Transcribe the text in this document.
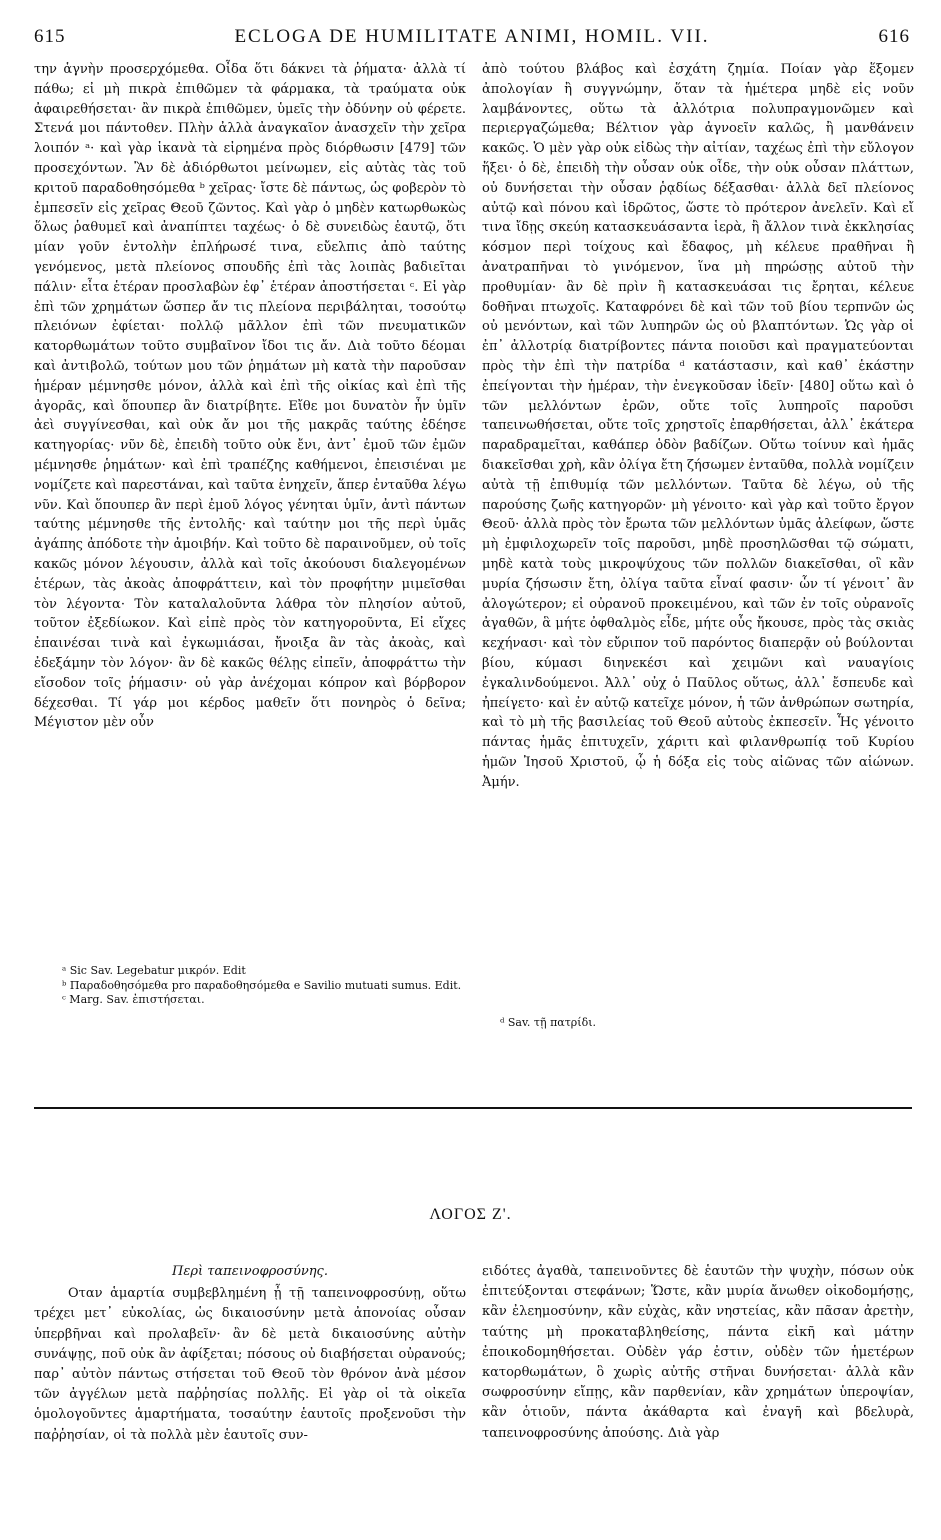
615	ECLOGA DE HUMILITATE ANIMI, HOMIL. VII.	616

την ἁγνὴν προσερχόμεθα. Οἶδα ὅτι δάκνει τὰ ῥήματα· ἀλλὰ τί πάθω; εἰ μὴ πικρὰ ἐπιθῶμεν τὰ φάρμακα, τὰ τραύματα οὐκ ἀφαιρεθήσεται· ἂν πικρὰ ἐπιθῶμεν, ὑμεῖς τὴν ὀδύνην οὐ φέρετε. Στενά μοι πάντοθεν. Πλὴν ἀλλὰ ἀναγκαῖον ἀνασχεῖν τὴν χεῖρα λοιπόν ᵃ· καὶ γὰρ ἱκανὰ τὰ εἰρημένα πρὸς διόρθωσιν [479] τῶν προσεχόντων. Ἂν δὲ ἀδιόρθωτοι μείνωμεν, εἰς αὐτὰς τὰς τοῦ κριτοῦ παραδοθησόμεθα ᵇ χεῖρας· ἴστε δὲ πάντως, ὡς φοβερὸν τὸ ἐμπεσεῖν εἰς χεῖρας Θεοῦ ζῶντος. Καὶ γὰρ ὁ μηδὲν κατωρθωκὼς ὅλως ῥαθυμεῖ καὶ ἀναπίπτει ταχέως· ὁ δὲ συνειδὼς ἑαυτῷ, ὅτι μίαν γοῦν ἐντολὴν ἐπλήρωσέ τινα, εὔελπις ἀπὸ ταύτης γενόμενος, μετὰ πλείονος σπουδῆς ἐπὶ τὰς λοιπὰς βαδιεῖται πάλιν· εἶτα ἑτέραν προσλαβὼν ἐφ᾽ ἑτέραν ἀποστήσεται ᶜ. Εἰ γὰρ ἐπὶ τῶν χρημάτων ὥσπερ ἄν τις πλείονα περιβάληται, τοσούτῳ πλειόνων ἐφίεται· πολλῷ μᾶλλον ἐπὶ τῶν πνευματικῶν κατορθωμάτων τοῦτο συμβαῖνον ἴδοι τις ἄν. Διὰ τοῦτο δέομαι καὶ ἀντιβολῶ, τούτων μου τῶν ῥημάτων μὴ κατὰ τὴν παροῦσαν ἡμέραν μέμνησθε μόνον, ἀλλὰ καὶ ἐπὶ τῆς οἰκίας καὶ ἐπὶ τῆς ἀγορᾶς, καὶ ὅπουπερ ἂν διατρίβητε. Εἴθε μοι δυνατὸν ἦν ὑμῖν ἀεὶ συγγίνεσθαι, καὶ οὐκ ἄν μοι τῆς μακρᾶς ταύτης ἐδέησε κατηγορίας· νῦν δὲ, ἐπειδὴ τοῦτο οὐκ ἔνι, ἀντ᾽ ἐμοῦ τῶν ἐμῶν μέμνησθε ῥημάτων· καὶ ἐπὶ τραπέζης καθήμενοι, ἐπεισιέναι με νομίζετε καὶ παρεστάναι, καὶ ταῦτα ἐνηχεῖν, ἅπερ ἐνταῦθα λέγω νῦν. Καὶ ὅπουπερ ἂν περὶ ἐμοῦ λόγος γένηται ὑμῖν, ἀντὶ πάντων ταύτης μέμνησθε τῆς ἐντολῆς· καὶ ταύτην μοι τῆς περὶ ὑμᾶς ἀγάπης ἀπόδοτε τὴν ἀμοιβήν. Καὶ τοῦτο δὲ παραινοῦμεν, οὐ τοῖς κακῶς μόνον λέγουσιν, ἀλλὰ καὶ τοῖς ἀκούουσι διαλεγομένων ἑτέρων, τὰς ἀκοὰς ἀποφράττειν, καὶ τὸν προφήτην μιμεῖσθαι τὸν λέγοντα· Τὸν καταλαλοῦντα λάθρα τὸν πλησίον αὐτοῦ, τοῦτον ἐξεδίωκον. Καὶ εἰπὲ πρὸς τὸν κατηγοροῦντα, Εἰ εἴχες ἐπαινέσαι τινὰ καὶ ἐγκωμιάσαι, ἤνοιξα ἂν τὰς ἀκοὰς, καὶ ἐδεξάμην τὸν λόγον· ἂν δὲ κακῶς θέλῃς εἰπεῖν, ἀποφράττω τὴν εἴσοδον τοῖς ῥήμασιν· οὐ γὰρ ἀνέχομαι κόπρον καὶ βόρβορον δέχεσθαι. Τί γάρ μοι κέρδος μαθεῖν ὅτι πονηρὸς ὁ δεῖνα; Μέγιστον μὲν οὖν

ἀπὸ τούτου βλάβος καὶ ἐσχάτη ζημία. Ποίαν γὰρ ἕξομεν ἀπολογίαν ἢ συγγνώμην, ὅταν τὰ ἡμέτερα μηδὲ εἰς νοῦν λαμβάνοντες, οὕτω τὰ ἀλλότρια πολυπραγμονῶμεν καὶ περιεργαζώμεθα; Βέλτιον γὰρ ἀγνοεῖν καλῶς, ἢ μανθάνειν κακῶς. Ὁ μὲν γὰρ οὐκ εἰδὼς τὴν αἰτίαν, ταχέως ἐπὶ τὴν εὔλογον ἥξει· ὁ δὲ, ἐπειδὴ τὴν οὖσαν οὐκ οἶδε, τὴν οὐκ οὖσαν πλάττων, οὐ δυνήσεται τὴν οὖσαν ῥᾳδίως δέξασθαι· ἀλλὰ δεῖ πλείονος αὐτῷ καὶ πόνου καὶ ἱδρῶτος, ὥστε τὸ πρότερον ἀνελεῖν. Καὶ εἴ τινα ἴδῃς σκεύη κατασκευάσαντα ἱερὰ, ἢ ἄλλον τινὰ ἐκκλησίας κόσμον περὶ τοίχους καὶ ἔδαφος, μὴ κέλευε πραθῆναι ἢ ἀνατραπῆναι τὸ γινόμενον, ἵνα μὴ πηρώσῃς αὐτοῦ τὴν προθυμίαν· ἂν δὲ πρὶν ἢ κατασκευάσαι τις ἔρηται, κέλευε δοθῆναι πτωχοῖς. Καταφρόνει δὲ καὶ τῶν τοῦ βίου τερπνῶν ὡς οὐ μενόντων, καὶ τῶν λυπηρῶν ὡς οὐ βλαπτόντων. Ὡς γὰρ οἱ ἐπ᾽ ἀλλοτρίᾳ διατρίβοντες πάντα ποιοῦσι καὶ πραγματεύονται πρὸς τὴν ἐπὶ τὴν πατρίδα ᵈ κατάστασιν, καὶ καθ᾽ ἑκάστην ἐπείγονται τὴν ἡμέραν, τὴν ἐνεγκοῦσαν ἰδεῖν· [480] οὕτω καὶ ὁ τῶν μελλόντων ἐρῶν, οὔτε τοῖς λυπηροῖς παροῦσι ταπεινωθήσεται, οὔτε τοῖς χρηστοῖς ἐπαρθήσεται, ἀλλ᾽ ἑκάτερα παραδραμεῖται, καθάπερ ὁδὸν βαδίζων. Οὕτω τοίνυν καὶ ἡμᾶς διακεῖσθαι χρὴ, κἂν ὀλίγα ἔτη ζήσωμεν ἐνταῦθα, πολλὰ νομίζειν αὐτὰ τῇ ἐπιθυμίᾳ τῶν μελλόντων. Ταῦτα δὲ λέγω, οὐ τῆς παρούσης ζωῆς κατηγορῶν· μὴ γένοιτο· καὶ γὰρ καὶ τοῦτο ἔργον Θεοῦ· ἀλλὰ πρὸς τὸν ἔρωτα τῶν μελλόντων ὑμᾶς ἀλείφων, ὥστε μὴ ἐμφιλοχωρεῖν τοῖς παροῦσι, μηδὲ προσηλῶσθαι τῷ σώματι, μηδὲ κατὰ τοὺς μικροψύχους τῶν πολλῶν διακεῖσθαι, οἳ κἂν μυρία ζήσωσιν ἔτη, ὀλίγα ταῦτα εἶναί φασιν· ὧν τί γένοιτ᾽ ἂν ἀλογώτερον; εἰ οὐρανοῦ προκειμένου, καὶ τῶν ἐν τοῖς οὐρανοῖς ἀγαθῶν, ἃ μήτε ὀφθαλμὸς εἶδε, μήτε οὖς ἤκουσε, πρὸς τὰς σκιὰς κεχήνασι· καὶ τὸν εὔριπον τοῦ παρόντος διαπερᾷν οὐ βούλονται βίου, κύμασι διηνεκέσι καὶ χειμῶνι καὶ ναυαγίοις ἐγκαλινδούμενοι. Ἀλλ᾽ οὐχ ὁ Παῦλος οὕτως, ἀλλ᾽ ἔσπευδε καὶ ἠπείγετο· καὶ ἐν αὐτῷ κατεῖχε μόνον, ἡ τῶν ἀνθρώπων σωτηρία, καὶ τὸ μὴ τῆς βασιλείας τοῦ Θεοῦ αὐτοὺς ἐκπεσεῖν. Ἧς γένοιτο πάντας ἡμᾶς ἐπιτυχεῖν, χάριτι καὶ φιλανθρωπίᾳ τοῦ Κυρίου ἡμῶν Ἰησοῦ Χριστοῦ, ᾧ ἡ δόξα εἰς τοὺς αἰῶνας τῶν αἰώνων. Ἀμήν.

ᵃ Sic Sav. Legebatur μικρόν. Edit

ᵇ Παραδοθησόμεθα pro παραδοθησόμεθα e Savilio mutuati sumus. Edit.

ᶜ Marg. Sav. ἐπιστήσεται.

ᵈ Sav. τῇ πατρίδι.

ΛΟΓΟΣ Ζ'.

Περὶ ταπεινοφροσύνης.

Οταν ἁμαρτία συμβεβλημένη ᾖ τῇ ταπεινοφροσύνῃ, οὕτω τρέχει μετ᾽ εὐκολίας, ὡς δικαιοσύνην μετὰ ἀπονοίας οὖσαν ὑπερβῆναι καὶ προλαβεῖν· ἂν δὲ μετὰ δικαιοσύνης αὐτὴν συνάψῃς, ποῦ οὐκ ἂν ἀφίξεται; πόσους οὐ διαβήσεται οὐρανούς; παρ᾽ αὐτὸν πάντως στήσεται τοῦ Θεοῦ τὸν θρόνον ἀνὰ μέσον τῶν ἀγγέλων μετὰ παῤῥησίας πολλῆς. Εἰ γὰρ οἱ τὰ οἰκεῖα ὁμολογοῦντες ἁμαρτήματα, τοσαύτην ἑαυτοῖς προξενοῦσι τὴν παῤῥησίαν, οἱ τὰ πολλὰ μὲν ἑαυτοῖς συν-

ειδότες ἀγαθὰ, ταπεινοῦντες δὲ ἑαυτῶν τὴν ψυχὴν, πόσων οὐκ ἐπιτεύξονται στεφάνων; Ὥστε, κἂν μυρία ἄνωθεν οἰκοδομήσῃς, κἂν ἐλεημοσύνην, κἂν εὐχὰς, κἂν νηστείας, κἂν πᾶσαν ἀρετὴν, ταύτης μὴ προκαταβληθείσης, πάντα εἰκῆ καὶ μάτην ἐποικοδομηθήσεται. Οὐδὲν γάρ ἐστιν, οὐδὲν τῶν ἡμετέρων κατορθωμάτων, ὃ χωρὶς αὐτῆς στῆναι δυνήσεται· ἀλλὰ κἂν σωφροσύνην εἴπῃς, κἂν παρθενίαν, κἂν χρημάτων ὑπεροψίαν, κἂν ὁτιοῦν, πάντα ἀκάθαρτα καὶ ἐναγῆ καὶ βδελυρὰ, ταπεινοφροσύνης ἀπούσης. Διὰ γὰρ
